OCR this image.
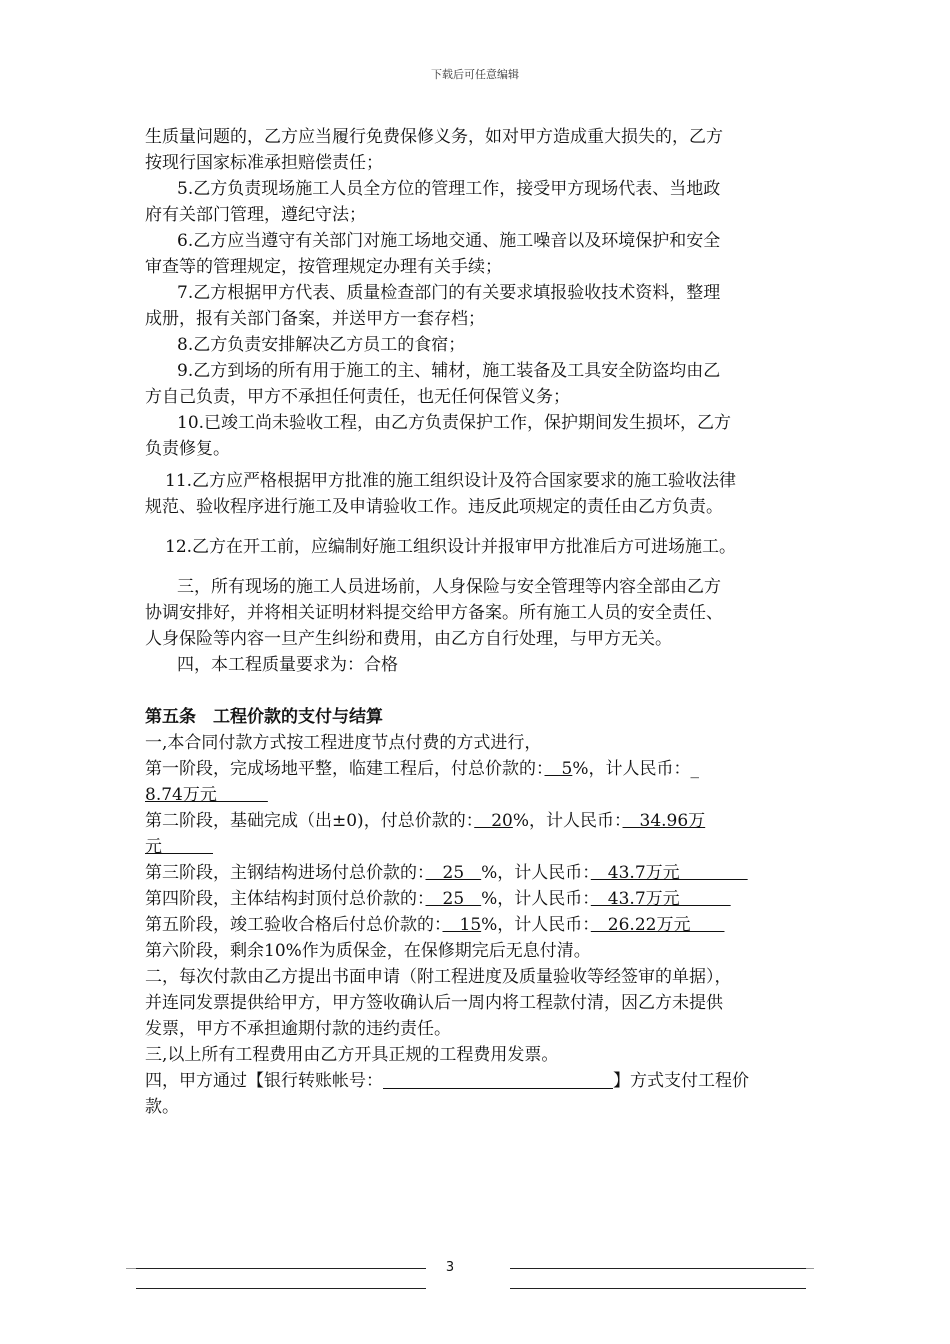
下载后可任意编辑
生质量问题的，乙方应当履行免费保修义务，如对甲方造成重大损失的，乙方
按现行国家标准承担赔偿责任；
5.乙方负责现场施工人员全方位的管理工作，接受甲方现场代表、当地政
府有关部门管理，遵纪守法；
6.乙方应当遵守有关部门对施工场地交通、施工噪音以及环境保护和安全
审查等的管理规定，按管理规定办理有关手续；
7.乙方根据甲方代表、质量检查部门的有关要求填报验收技术资料，整理
成册，报有关部门备案，并送甲方一套存档；
8.乙方负责安排解决乙方员工的食宿；
9.乙方到场的所有用于施工的主、辅材，施工装备及工具安全防盗均由乙
方自己负责，甲方不承担任何责任，也无任何保管义务；
10.已竣工尚未验收工程，由乙方负责保护工作，保护期间发生损坏，乙方
负责修复。
11.乙方应严格根据甲方批准的施工组织设计及符合国家要求的施工验收法律
规范、验收程序进行施工及申请验收工作。违反此项规定的责任由乙方负责。
12.乙方在开工前，应编制好施工组织设计并报审甲方批准后方可进场施工。
三，所有现场的施工人员进场前，人身保险与安全管理等内容全部由乙方
协调安排好，并将相关证明材料提交给甲方备案。所有施工人员的安全责任、
人身保险等内容一旦产生纠纷和费用，由乙方自行处理，与甲方无关。
四，本工程质量要求为：合格
第五条　工程价款的支付与结算
一,本合同付款方式按工程进度节点付费的方式进行，
第一阶段，完成场地平整，临建工程后，付总价款的：　5%，计人民币：_
8.74万元　　　
第二阶段，基础完成（出±0)，付总价款的：　20%，计人民币：　34.96万
元　　　
第三阶段，主钢结构进场付总价款的：　25　%，计人民币：　43.7万元　　　　
第四阶段，主体结构封顶付总价款的：　25　%，计人民币：　43.7万元　　　
第五阶段，竣工验收合格后付总价款的：　15%，计人民币：　26.22万元　　
第六阶段，剩余10%作为质保金，在保修期完后无息付清。
二，每次付款由乙方提出书面申请（附工程进度及质量验收等经签审的单据），
并连同发票提供给甲方，甲方签收确认后一周内将工程款付清，因乙方未提供
发票，甲方不承担逾期付款的违约责任。
三,以上所有工程费用由乙方开具正规的工程费用发票。
四，甲方通过【银行转账帐号：	】方式支付工程价
款。
3
